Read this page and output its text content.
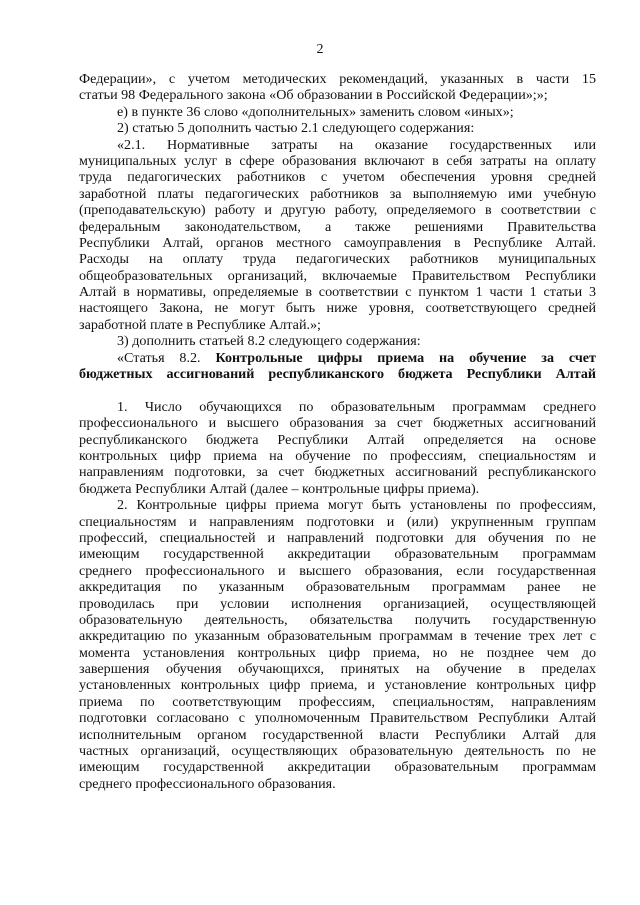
2
Федерации», с учетом методических рекомендаций, указанных в части 15
статьи 98 Федерального закона «Об образовании в Российской Федерации»;»;
е) в пункте 36 слово «дополнительных» заменить словом «иных»;
2) статью 5 дополнить частью 2.1 следующего содержания:
«2.1. Нормативные затраты на оказание государственных или
муниципальных услуг в сфере образования включают в себя затраты на оплату
труда педагогических работников с учетом обеспечения уровня средней
заработной платы педагогических работников за выполняемую ими учебную
(преподавательскую) работу и другую работу, определяемого в соответствии с
федеральным законодательством, а также решениями Правительства
Республики Алтай, органов местного самоуправления в Республике Алтай.
Расходы на оплату труда педагогических работников муниципальных
общеобразовательных организаций, включаемые Правительством Республики
Алтай в нормативы, определяемые в соответствии с пунктом 1 части 1 статьи 3
настоящего Закона, не могут быть ниже уровня, соответствующего средней
заработной плате в Республике Алтай.»;
3) дополнить статьей 8.2 следующего содержания:
«Статья 8.2. Контрольные цифры приема на обучение за счет
бюджетных ассигнований республиканского бюджета Республики Алтай
1. Число обучающихся по образовательным программам среднего
профессионального и высшего образования за счет бюджетных ассигнований
республиканского бюджета Республики Алтай определяется на основе
контрольных цифр приема на обучение по профессиям, специальностям и
направлениям подготовки, за счет бюджетных ассигнований республиканского
бюджета Республики Алтай (далее – контрольные цифры приема).
2. Контрольные цифры приема могут быть установлены по профессиям,
специальностям и направлениям подготовки и (или) укрупненным группам
профессий, специальностей и направлений подготовки для обучения по не
имеющим государственной аккредитации образовательным программам
среднего профессионального и высшего образования, если государственная
аккредитация по указанным образовательным программам ранее не
проводилась при условии исполнения организацией, осуществляющей
образовательную деятельность, обязательства получить государственную
аккредитацию по указанным образовательным программам в течение трех лет с
момента установления контрольных цифр приема, но не позднее чем до
завершения обучения обучающихся, принятых на обучение в пределах
установленных контрольных цифр приема, и установление контрольных цифр
приема по соответствующим профессиям, специальностям, направлениям
подготовки согласовано с уполномоченным Правительством Республики Алтай
исполнительным органом государственной власти Республики Алтай для
частных организаций, осуществляющих образовательную деятельность по не
имеющим государственной аккредитации образовательным программам
среднего профессионального образования.
